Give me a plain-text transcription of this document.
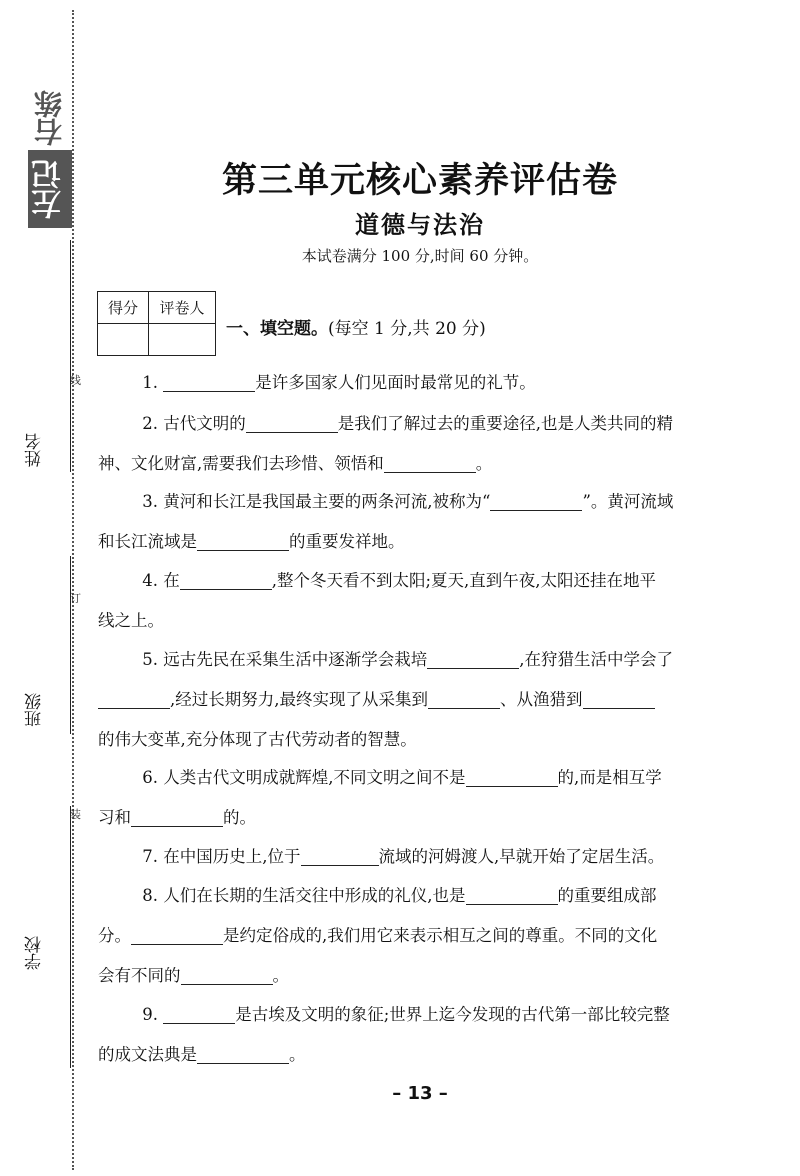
右练
左记
线
订
装
姓名
班级
学校
第三单元核心素养评估卷
道德与法治
本试卷满分 100 分,时间 60 分钟。
得分	评卷人

一、填空题。(每空 1 分,共 20 分)
1.	是许多国家人们见面时最常见的礼节。
2. 古代文明的	是我们了解过去的重要途径,也是人类共同的精
神、文化财富,需要我们去珍惜、领悟和	。
3. 黄河和长江是我国最主要的两条河流,被称为“	”。黄河流域
和长江流域是	的重要发祥地。
4. 在	,整个冬天看不到太阳;夏天,直到午夜,太阳还挂在地平
线之上。
5. 远古先民在采集生活中逐渐学会栽培	,在狩猎生活中学会了
,经过长期努力,最终实现了从采集到	、从渔猎到
的伟大变革,充分体现了古代劳动者的智慧。
6. 人类古代文明成就辉煌,不同文明之间不是	的,而是相互学
习和	的。
7. 在中国历史上,位于	流域的河姆渡人,早就开始了定居生活。
8. 人们在长期的生活交往中形成的礼仪,也是	的重要组成部
分。	是约定俗成的,我们用它来表示相互之间的尊重。不同的文化
会有不同的	。
9.	是古埃及文明的象征;世界上迄今发现的古代第一部比较完整
的成文法典是	。
– 13 –
